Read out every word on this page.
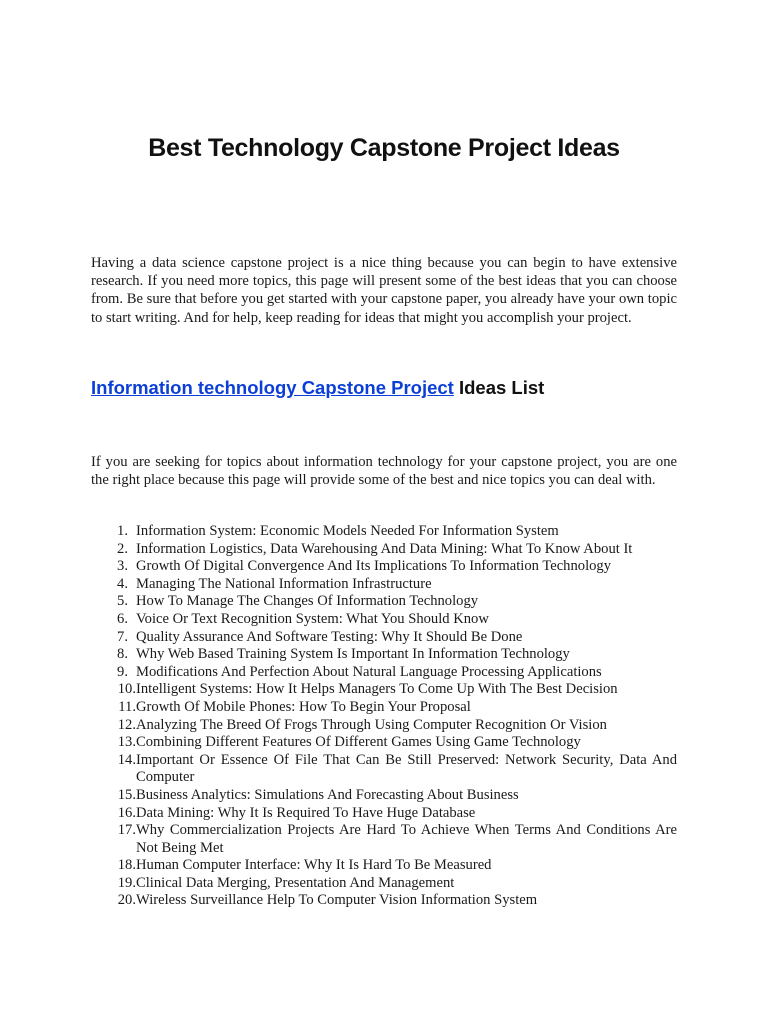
Best Technology Capstone Project Ideas

Having a data science capstone project is a nice thing because you can begin to have extensive research. If you need more topics, this page will present some of the best ideas that you can choose from. Be sure that before you get started with your capstone paper, you already have your own topic to start writing. And for help, keep reading for ideas that might you accomplish your project.

Information technology Capstone Project Ideas List

If you are seeking for topics about information technology for your capstone project, you are one the right place because this page will provide some of the best and nice topics you can deal with.

1. Information System: Economic Models Needed For Information System
2. Information Logistics, Data Warehousing And Data Mining: What To Know About It
3. Growth Of Digital Convergence And Its Implications To Information Technology
4. Managing The National Information Infrastructure
5. How To Manage The Changes Of Information Technology
6. Voice Or Text Recognition System: What You Should Know
7. Quality Assurance And Software Testing: Why It Should Be Done
8. Why Web Based Training System Is Important In Information Technology
9. Modifications And Perfection About Natural Language Processing Applications
10. Intelligent Systems: How It Helps Managers To Come Up With The Best Decision
11. Growth Of Mobile Phones: How To Begin Your Proposal
12. Analyzing The Breed Of Frogs Through Using Computer Recognition Or Vision
13. Combining Different Features Of Different Games Using Game Technology
14. Important Or Essence Of File That Can Be Still Preserved: Network Security, Data And Computer
15. Business Analytics: Simulations And Forecasting About Business
16. Data Mining: Why It Is Required To Have Huge Database
17. Why Commercialization Projects Are Hard To Achieve When Terms And Conditions Are Not Being Met
18. Human Computer Interface: Why It Is Hard To Be Measured
19. Clinical Data Merging, Presentation And Management
20. Wireless Surveillance Help To Computer Vision Information System
